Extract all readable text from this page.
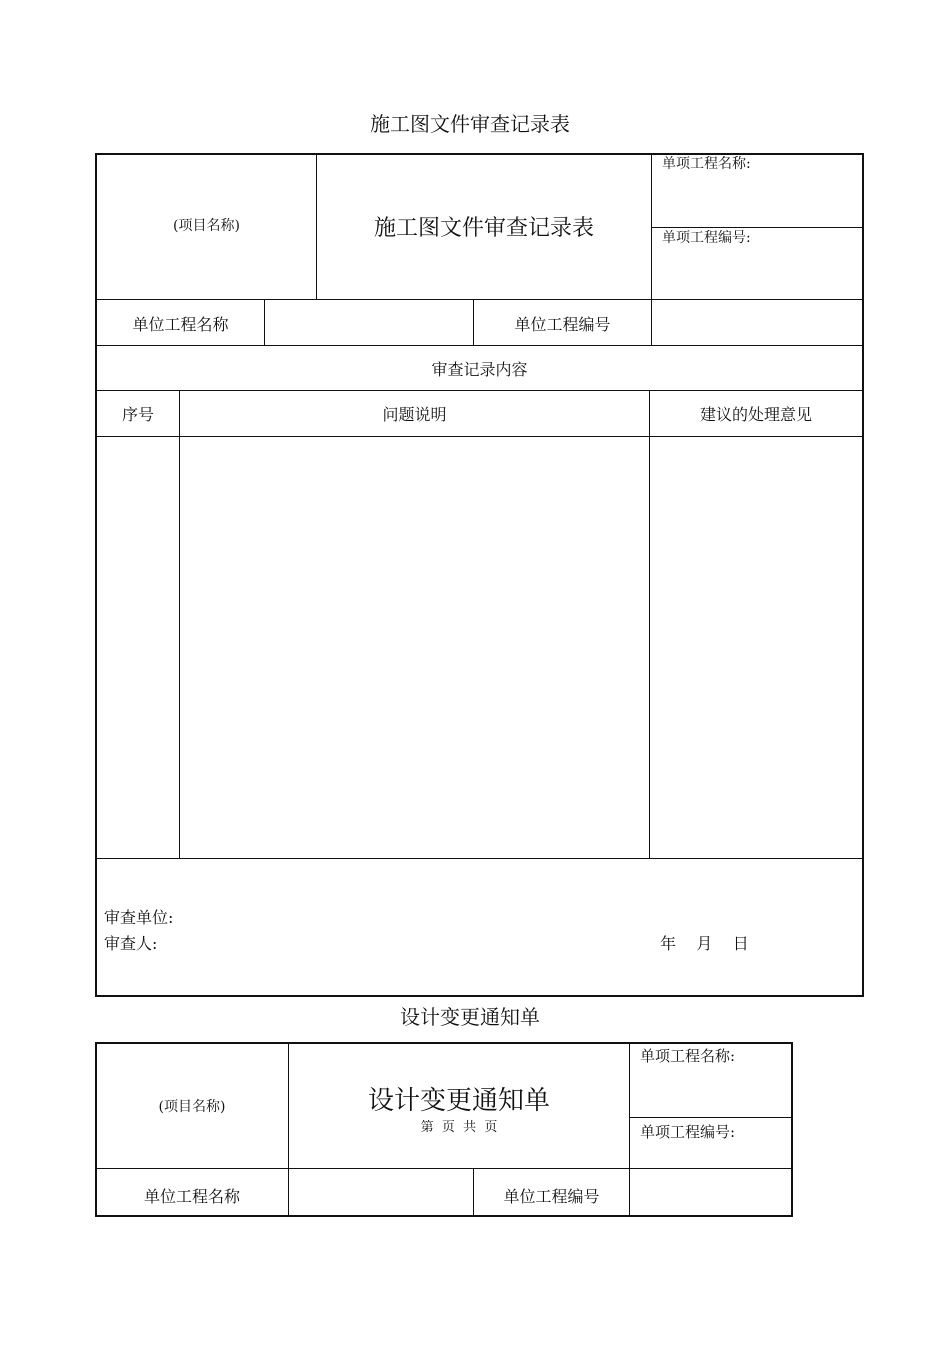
施工图文件审查记录表
(项目名称)	施工图文件审查记录表
单项工程名称:
单项工程编号:
单位工程名称	单位工程编号
审查记录内容
序号	问题说明	建议的处理意见
审查单位:
审查人:	年    月    日
设计变更通知单
(项目名称)	设计变更通知单
第  页  共  页
单项工程名称:
单项工程编号:
单位工程名称	单位工程编号
